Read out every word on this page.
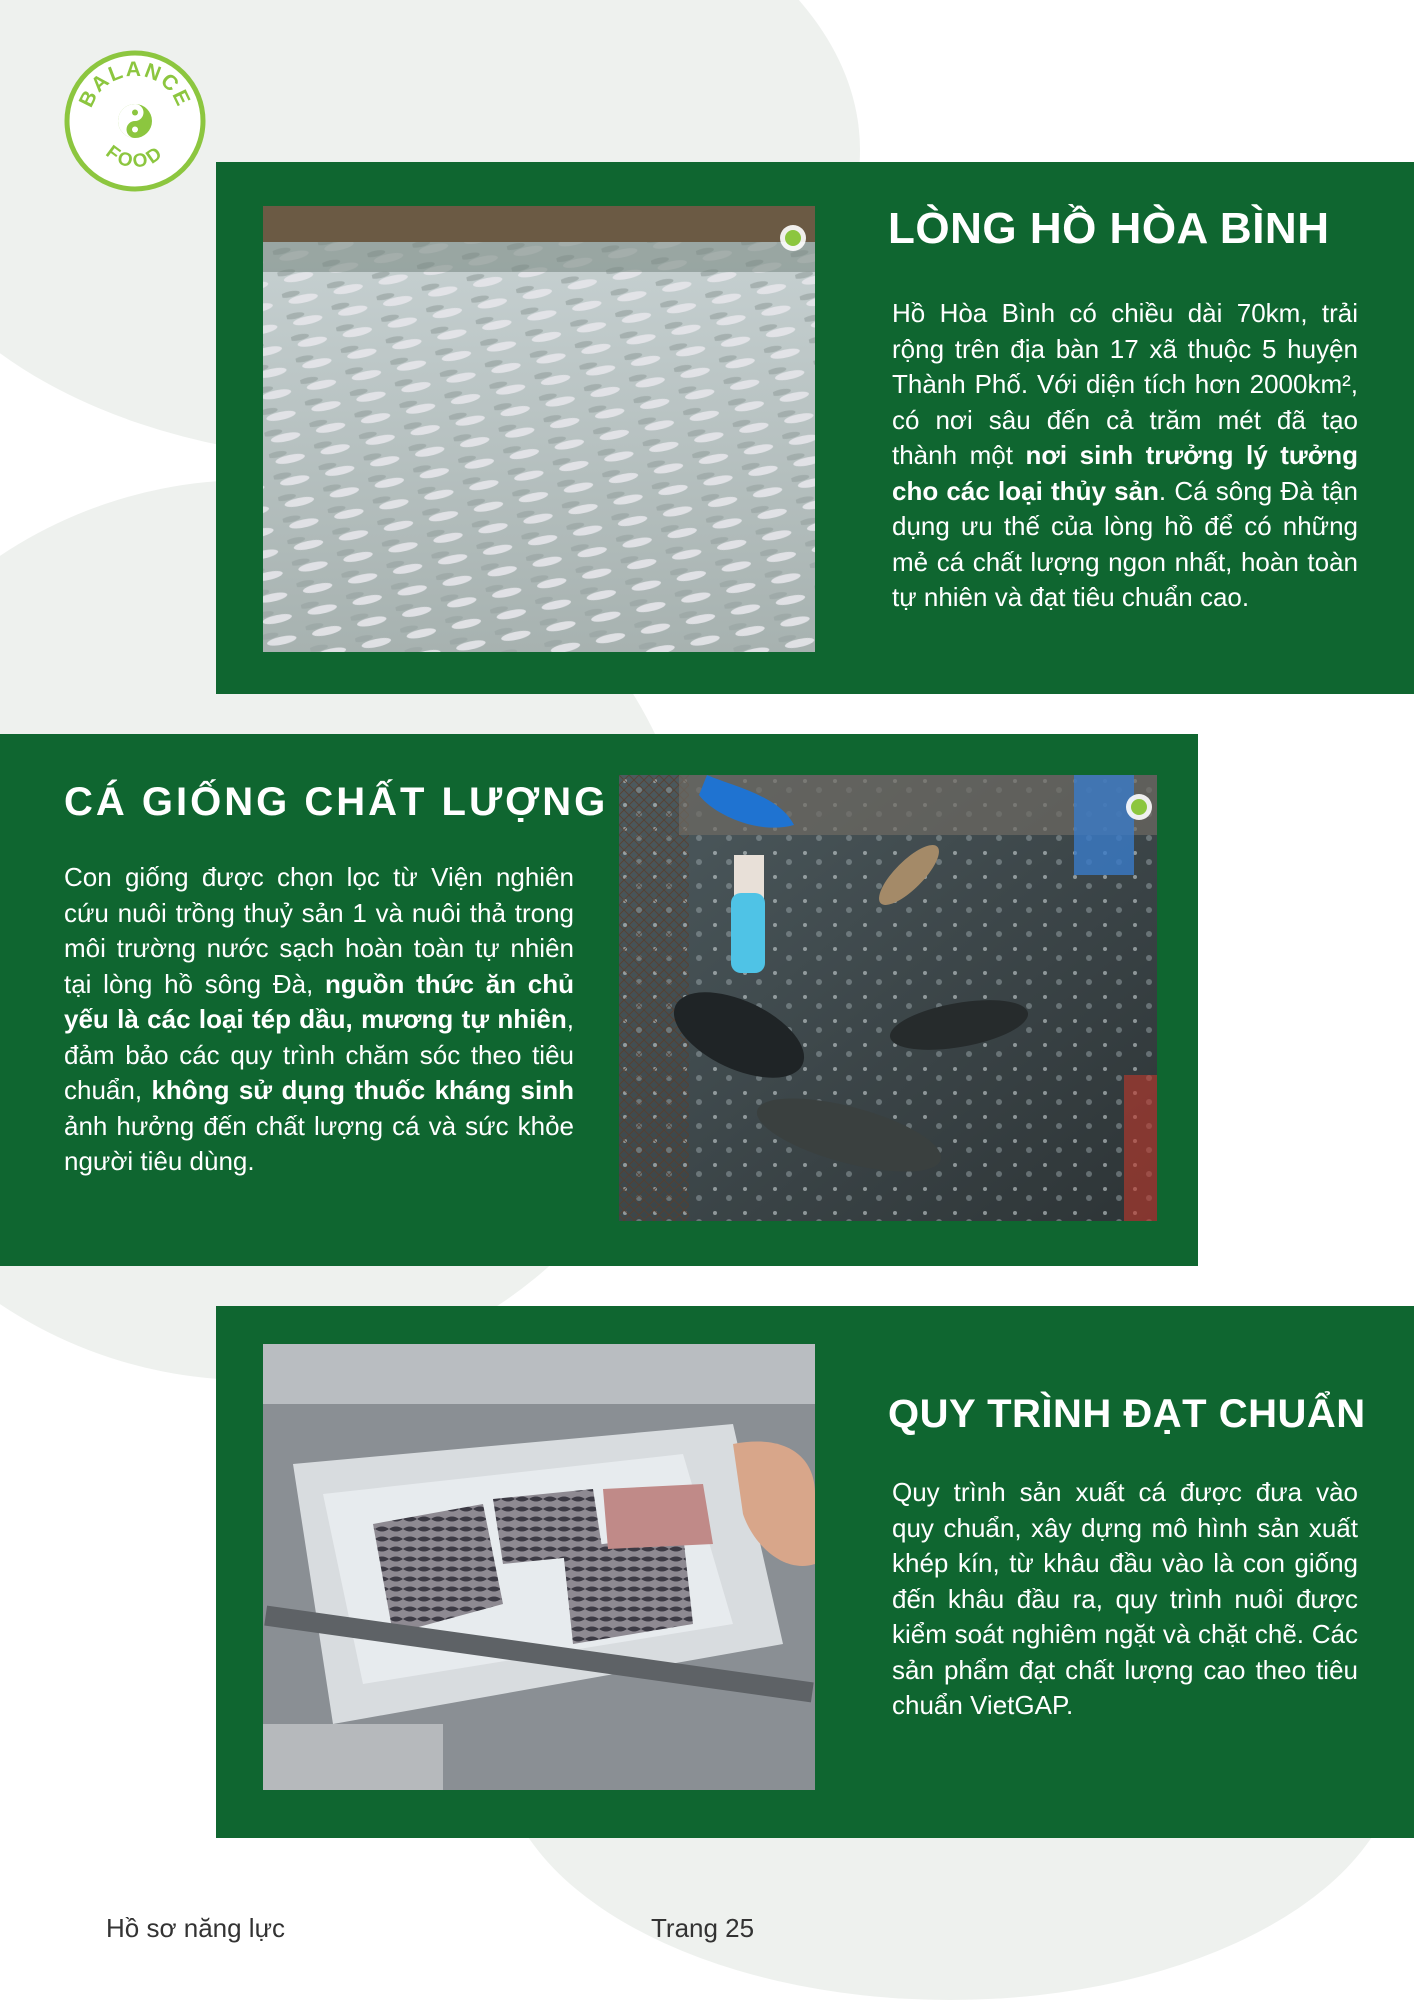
BALANCE
FOOD
LÒNG HỒ HÒA BÌNH
Hồ Hòa Bình có chiều dài 70km, trải rộng trên địa bàn 17 xã thuộc 5 huyện Thành Phố. Với diện tích hơn 2000km², có nơi sâu đến cả trăm mét đã tạo thành một nơi sinh trưởng lý tưởng cho các loại thủy sản. Cá sông Đà tận dụng ưu thế của lòng hồ để có những mẻ cá chất lượng ngon nhất, hoàn toàn tự nhiên và đạt tiêu chuẩn cao.
CÁ GIỐNG CHẤT LƯỢNG
Con giống được chọn lọc từ Viện nghiên cứu nuôi trồng thuỷ sản 1 và nuôi thả trong môi trường nước sạch hoàn toàn tự nhiên tại lòng hồ sông Đà, nguồn thức ăn chủ yếu là các loại tép dầu, mương tự nhiên, đảm bảo các quy trình chăm sóc theo tiêu chuẩn, không sử dụng thuốc kháng sinh ảnh hưởng đến chất lượng cá và sức khỏe người tiêu dùng.
QUY TRÌNH ĐẠT CHUẨN
Quy trình sản xuất cá được đưa vào quy chuẩn, xây dựng mô hình sản xuất khép kín, từ khâu đầu vào là con giống đến khâu đầu ra, quy trình nuôi được kiểm soát nghiêm ngặt và chặt chẽ. Các sản phẩm đạt chất lượng cao theo tiêu chuẩn VietGAP.
Hồ sơ năng lực	Trang 25
